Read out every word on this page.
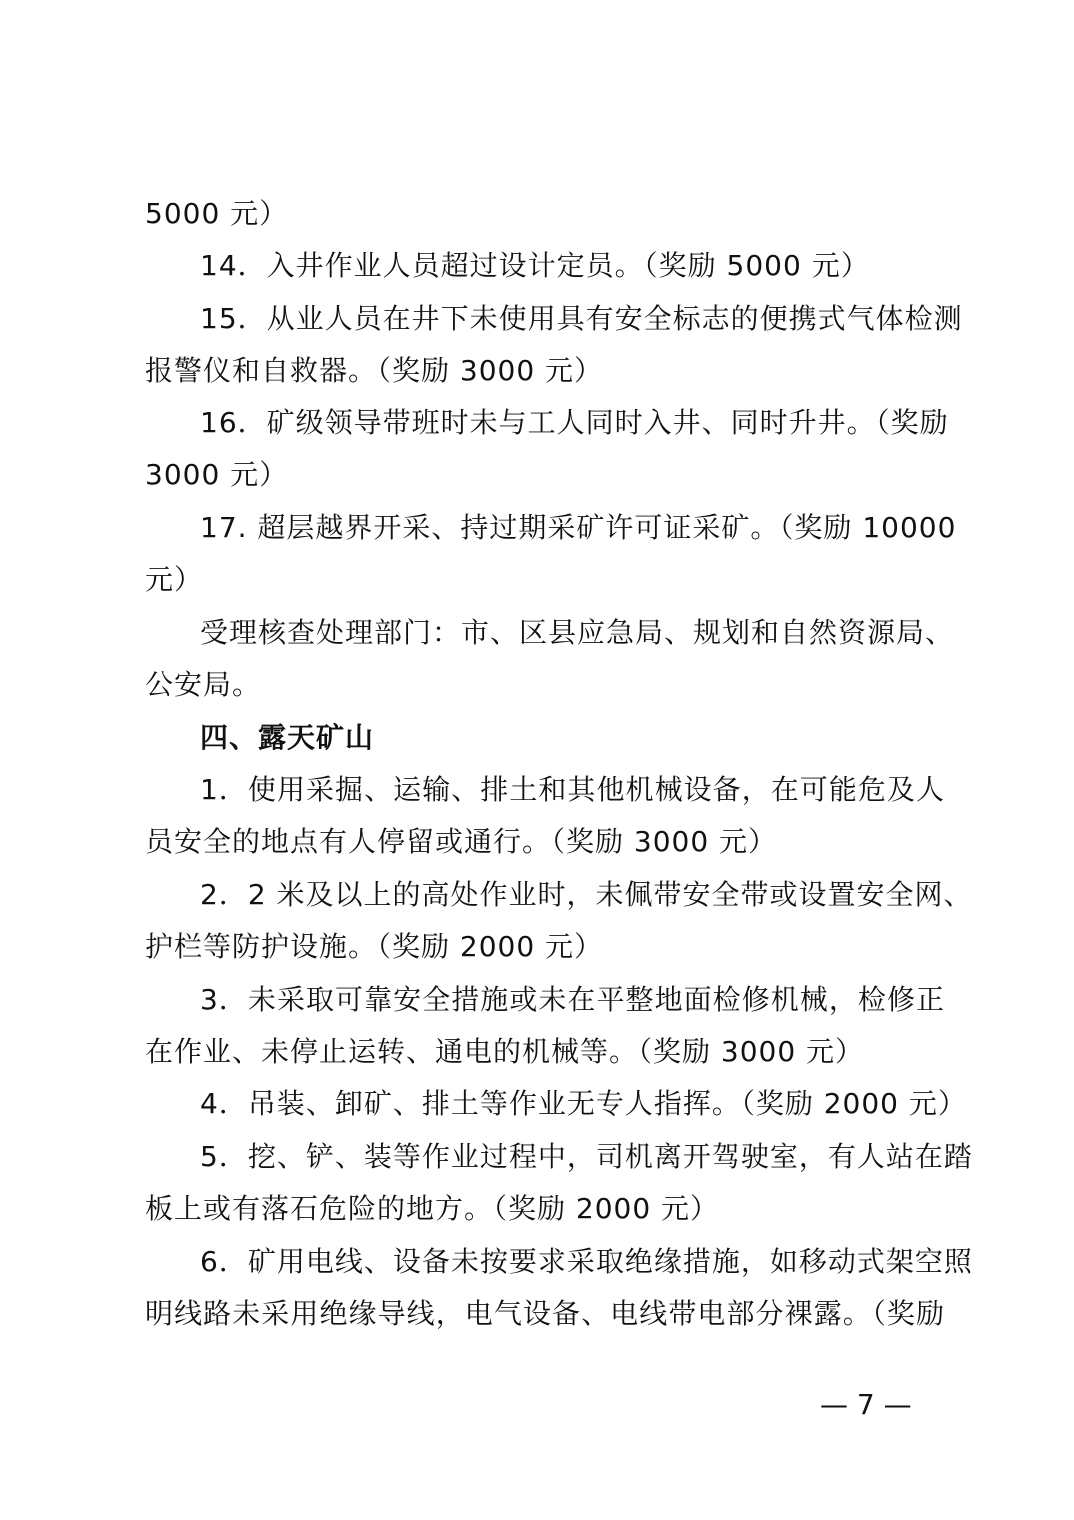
5000 元）
14．入井作业人员超过设计定员。（奖励 5000 元）
15．从业人员在井下未使用具有安全标志的便携式气体检测
报警仪和自救器。（奖励 3000 元）
16．矿级领导带班时未与工人同时入井、同时升井。（奖励
3000 元）
17. 超层越界开采、持过期采矿许可证采矿。（奖励 10000
元）
受理核查处理部门：市、区县应急局、规划和自然资源局、
公安局。
四、露天矿山
1．使用采掘、运输、排土和其他机械设备，在可能危及人
员安全的地点有人停留或通行。（奖励 3000 元）
2．2 米及以上的高处作业时，未佩带安全带或设置安全网、
护栏等防护设施。（奖励 2000 元）
3．未采取可靠安全措施或未在平整地面检修机械，检修正
在作业、未停止运转、通电的机械等。（奖励 3000 元）
4．吊装、卸矿、排土等作业无专人指挥。（奖励 2000 元）
5．挖、铲、装等作业过程中，司机离开驾驶室，有人站在踏
板上或有落石危险的地方。（奖励 2000 元）
6．矿用电线、设备未按要求采取绝缘措施，如移动式架空照
明线路未采用绝缘导线，电气设备、电线带电部分裸露。（奖励
— 7 —
